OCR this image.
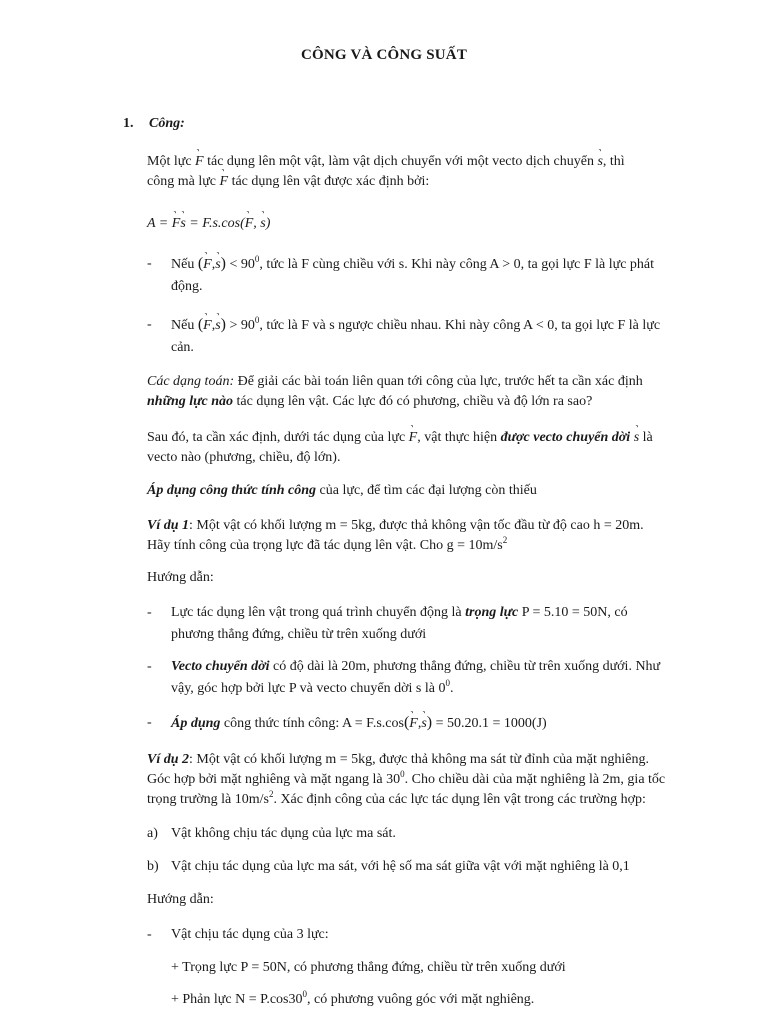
CÔNG VÀ CÔNG SUẤT
1. Công:
Một lực ˛ F tác dụng lên một vật, làm vật dịch chuyển với một vecto dịch chuyển ˛ s, thì
công mà lực ˛ F tác dụng lên vật được xác định bởi:
A = ˛ F˛ s = F.s.cos(˛ F, ˛ s)
- Nếu (˛ F,˛ $s) < 90^0$, tức là F cùng chiều với s. Khi này công A > 0, ta gọi lực F là lực phát
động.
- Nếu (˛ F,˛ $s) > 90^0$, tức là F và s ngược chiều nhau. Khi này công A < 0, ta gọi lực F là lực
cản.
Các dạng toán: Để giải các bài toán liên quan tới công của lực, trước hết ta cần xác định
những lực nào tác dụng lên vật. Các lực đó có phương, chiều và độ lớn ra sao?
Sau đó, ta cần xác định, dưới tác dụng của lực ˛ F, vật thực hiện được vecto chuyển dời ˛ s là
vecto nào (phương, chiều, độ lớn).
Áp dụng công thức tính công của lực, để tìm các đại lượng còn thiếu
Ví dụ 1: Một vật có khối lượng m = 5kg, được thả không vận tốc đầu từ độ cao h = 20m.
Hãy tính công của trọng lực đã tác dụng lên vật. Cho $g = 10m/s^2$
Hướng dẫn:
- Lực tác dụng lên vật trong quá trình chuyển động là trọng lực P = 5.10 = 50N, có
phương thẳng đứng, chiều từ trên xuống dưới
- Vecto chuyển dời có độ dài là 20m, phương thẳng đứng, chiều từ trên xuống dưới. Như
vậy, góc hợp bởi lực P và vecto chuyển dời s là $0^0$.
- Áp dụng công thức tính công: A = F.s.cos(˛ F,˛ s) = 50.20.1 = 1000(J)
Ví dụ 2: Một vật có khối lượng m = 5kg, được thả không ma sát từ đỉnh của mặt nghiêng.
Góc hợp bởi mặt nghiêng và mặt ngang là $30^0$. Cho chiều dài của mặt nghiêng là 2m, gia tốc
trọng trường là $10m/s^2$. Xác định công của các lực tác dụng lên vật trong các trường hợp:
a) Vật không chịu tác dụng của lực ma sát.
b) Vật chịu tác dụng của lực ma sát, với hệ số ma sát giữa vật với mặt nghiêng là 0,1
Hướng dẫn:
- Vật chịu tác dụng của 3 lực:
+ Trọng lực P = 50N, có phương thẳng đứng, chiều từ trên xuống dưới
+ Phản lực $N = P.\cos 30^0$, có phương vuông góc với mặt nghiêng.
